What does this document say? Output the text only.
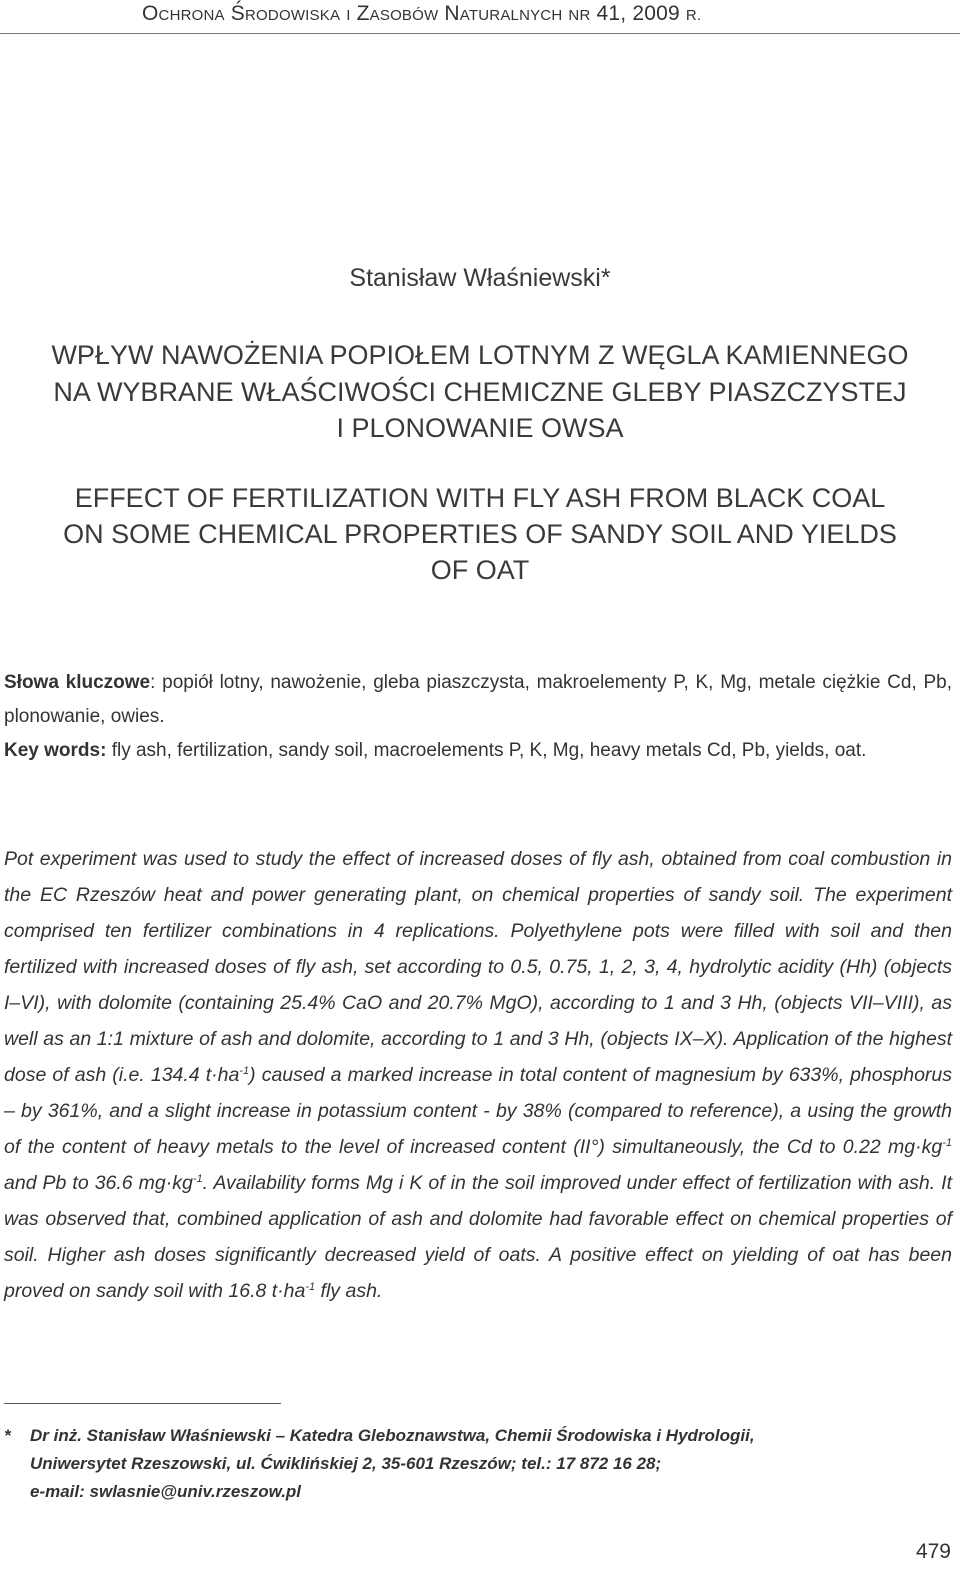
OCHRONA ŚRODOWISKA I ZASOBÓW NATURALNYCH NR 41, 2009 R.
Stanisław Właśniewski*
WPŁYW NAWOŻENIA POPIOŁEM LOTNYM Z WĘGLA KAMIENNEGO
NA WYBRANE WŁAŚCIWOŚCI CHEMICZNE GLEBY PIASZCZYSTEJ
I PLONOWANIE OWSA
EFFECT OF FERTILIZATION WITH FLY ASH FROM BLACK COAL
ON SOME CHEMICAL PROPERTIES OF SANDY SOIL AND YIELDS
OF OAT
Słowa kluczowe: popiół lotny, nawożenie, gleba piaszczysta, makroelementy P, K, Mg, metale ciężkie Cd, Pb, plonowanie, owies.
Key words: fly ash, fertilization, sandy soil, macroelements P, K, Mg, heavy metals Cd, Pb, yields, oat.
Pot experiment was used to study the effect of increased doses of fly ash, obtained from coal combustion in the EC Rzeszów heat and power generating plant, on chemical properties of sandy soil. The experiment comprised ten fertilizer combinations in 4 replications. Polyethylene pots were filled with soil and then fertilized with increased doses of fly ash, set according to 0.5, 0.75, 1, 2, 3, 4, hydrolytic acidity (Hh) (objects I–VI), with dolomite (containing 25.4% CaO and 20.7% MgO), according to 1 and 3 Hh, (objects VII–VIII), as well as an 1:1 mixture of ash and dolomite, according to 1 and 3 Hh, (objects IX–X). Application of the highest dose of ash (i.e. 134.4 $t\cdot ha^{-1}$) caused a marked increase in total content of magnesium by 633%, phosphorus – by 361%, and a slight increase in potassium content - by 38% (compared to reference), a using the growth of the content of heavy metals to the level of increased content (II°) simultaneously, the Cd to 0.22 $mg\cdot kg^{-1}$ and Pb to 36.6 $mg\cdot kg^{-1}$. Availability forms Mg i K of in the soil improved under effect of fertilization with ash. It was observed that, combined application of ash and dolomite had favorable effect on chemical properties of soil. Higher ash doses significantly decreased yield of oats. A positive effect on yielding of oat has been proved on sandy soil with 16.8 $t\cdot ha^{-1}$ fly ash.
* Dr inż. Stanisław Właśniewski – Katedra Gleboznawstwa, Chemii Środowiska i Hydrologii,
Uniwersytet Rzeszowski, ul. Ćwiklińskiej 2, 35-601 Rzeszów; tel.: 17 872 16 28;
e-mail: swlasnie@univ.rzeszow.pl
479
